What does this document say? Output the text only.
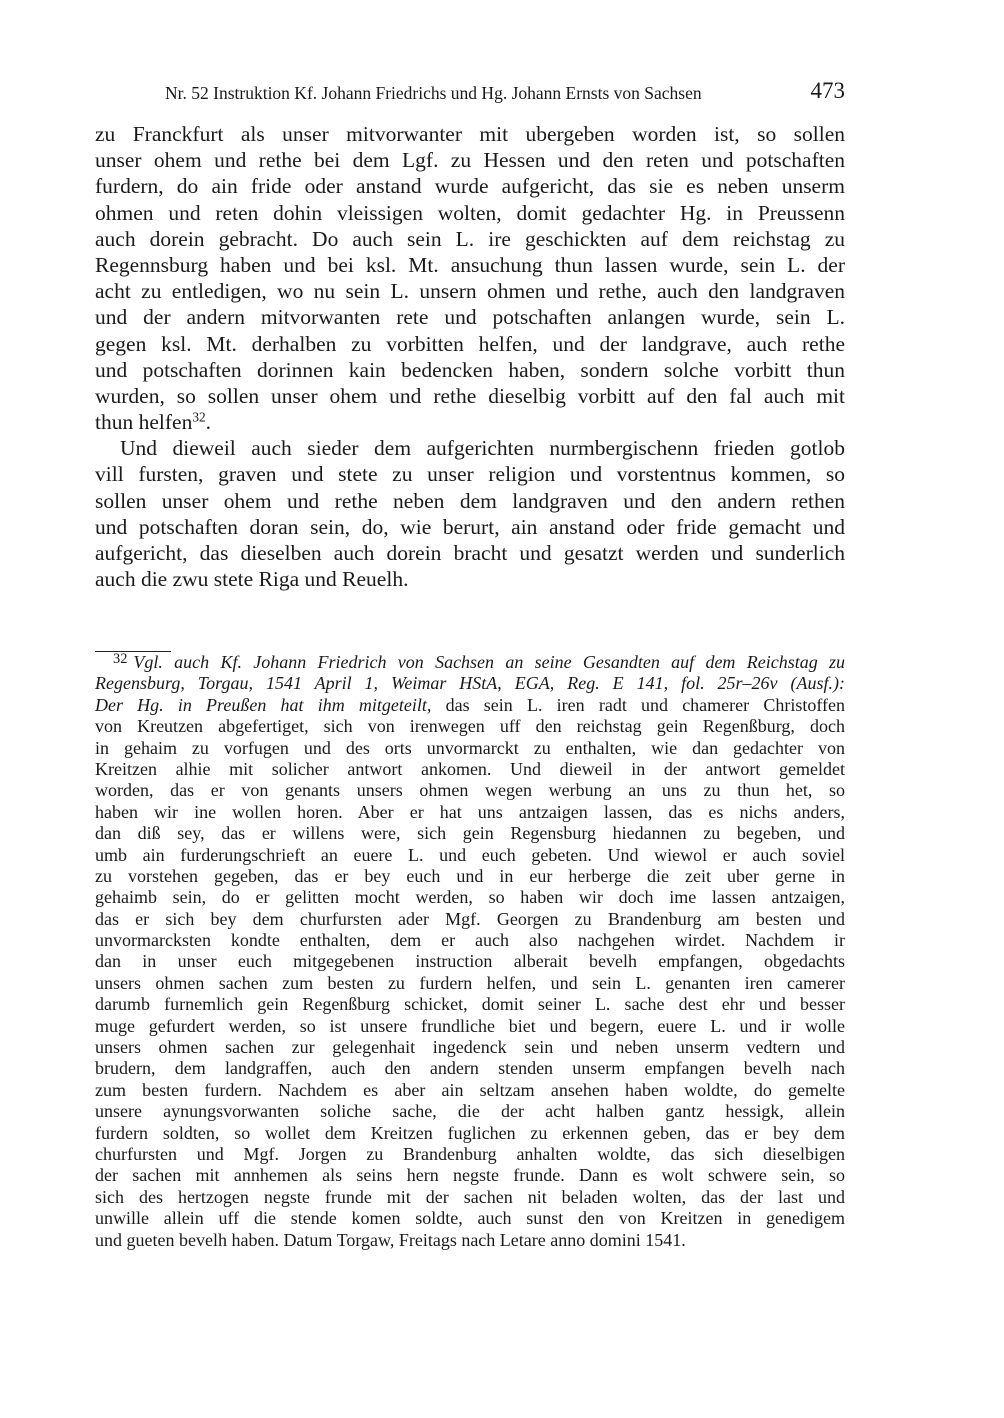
Nr. 52 Instruktion Kf. Johann Friedrichs und Hg. Johann Ernsts von Sachsen	473
zu Franckfurt als unser mitvorwanter mit ubergeben worden ist, so sollen
unser ohem und rethe bei dem Lgf. zu Hessen und den reten und potschaften
furdern, do ain fride oder anstand wurde aufgericht, das sie es neben unserm
ohmen und reten dohin vleissigen wolten, domit gedachter Hg. in Preussenn
auch dorein gebracht. Do auch sein L. ire geschickten auf dem reichstag zu
Regennsburg haben und bei ksl. Mt. ansuchung thun lassen wurde, sein L. der
acht zu entledigen, wo nu sein L. unsern ohmen und rethe, auch den landgraven
und der andern mitvorwanten rete und potschaften anlangen wurde, sein L.
gegen ksl. Mt. derhalben zu vorbitten helfen, und der landgrave, auch rethe
und potschaften dorinnen kain bedencken haben, sondern solche vorbitt thun
wurden, so sollen unser ohem und rethe dieselbig vorbitt auf den fal auch mit
thun helfen$^{32}$.
Und dieweil auch sieder dem aufgerichten nurmbergischenn frieden gotlob
vill fursten, graven und stete zu unser religion und vorstentnus kommen, so
sollen unser ohem und rethe neben dem landgraven und den andern rethen
und potschaften doran sein, do, wie berurt, ain anstand oder fride gemacht und
aufgericht, das dieselben auch dorein bracht und gesatzt werden und sunderlich
auch die zwu stete Riga und Reuelh.
$^{32}$ Vgl. auch Kf. Johann Friedrich von Sachsen an seine Gesandten auf dem Reichstag zu
Regensburg, Torgau, 1541 April 1, Weimar HStA, EGA, Reg. E 141, fol. 25r–26v (Ausf.):
Der Hg. in Preußen hat ihm mitgeteilt, das sein L. iren radt und chamerer Christoffen
von Kreutzen abgefertiget, sich von irenwegen uff den reichstag gein Regenßburg, doch
in gehaim zu vorfugen und des orts unvormarckt zu enthalten, wie dan gedachter von
Kreitzen alhie mit solicher antwort ankomen. Und dieweil in der antwort gemeldet
worden, das er von genants unsers ohmen wegen werbung an uns zu thun het, so
haben wir ine wollen horen. Aber er hat uns antzaigen lassen, das es nichs anders,
dan diß sey, das er willens were, sich gein Regensburg hiedannen zu begeben, und
umb ain furderungschrieft an euere L. und euch gebeten. Und wiewol er auch soviel
zu vorstehen gegeben, das er bey euch und in eur herberge die zeit uber gerne in
gehaimb sein, do er gelitten mocht werden, so haben wir doch ime lassen antzaigen,
das er sich bey dem churfursten ader Mgf. Georgen zu Brandenburg am besten und
unvormarcksten kondte enthalten, dem er auch also nachgehen wirdet. Nachdem ir
dan in unser euch mitgegebenen instruction alberait bevelh empfangen, obgedachts
unsers ohmen sachen zum besten zu furdern helfen, und sein L. genanten iren camerer
darumb furnemlich gein Regenßburg schicket, domit seiner L. sache dest ehr und besser
muge gefurdert werden, so ist unsere frundliche biet und begern, euere L. und ir wolle
unsers ohmen sachen zur gelegenhait ingedenck sein und neben unserm vedtern und
brudern, dem landgraffen, auch den andern stenden unserm empfangen bevelh nach
zum besten furdern. Nachdem es aber ain seltzam ansehen haben woldte, do gemelte
unsere aynungsvorwanten soliche sache, die der acht halben gantz hessigk, allein
furdern soldten, so wollet dem Kreitzen fuglichen zu erkennen geben, das er bey dem
churfursten und Mgf. Jorgen zu Brandenburg anhalten woldte, das sich dieselbigen
der sachen mit annhemen als seins hern negste frunde. Dann es wolt schwere sein, so
sich des hertzogen negste frunde mit der sachen nit beladen wolten, das der last und
unwille allein uff die stende komen soldte, auch sunst den von Kreitzen in genedigem
und gueten bevelh haben. Datum Torgaw, Freitags nach Letare anno domini 1541.
